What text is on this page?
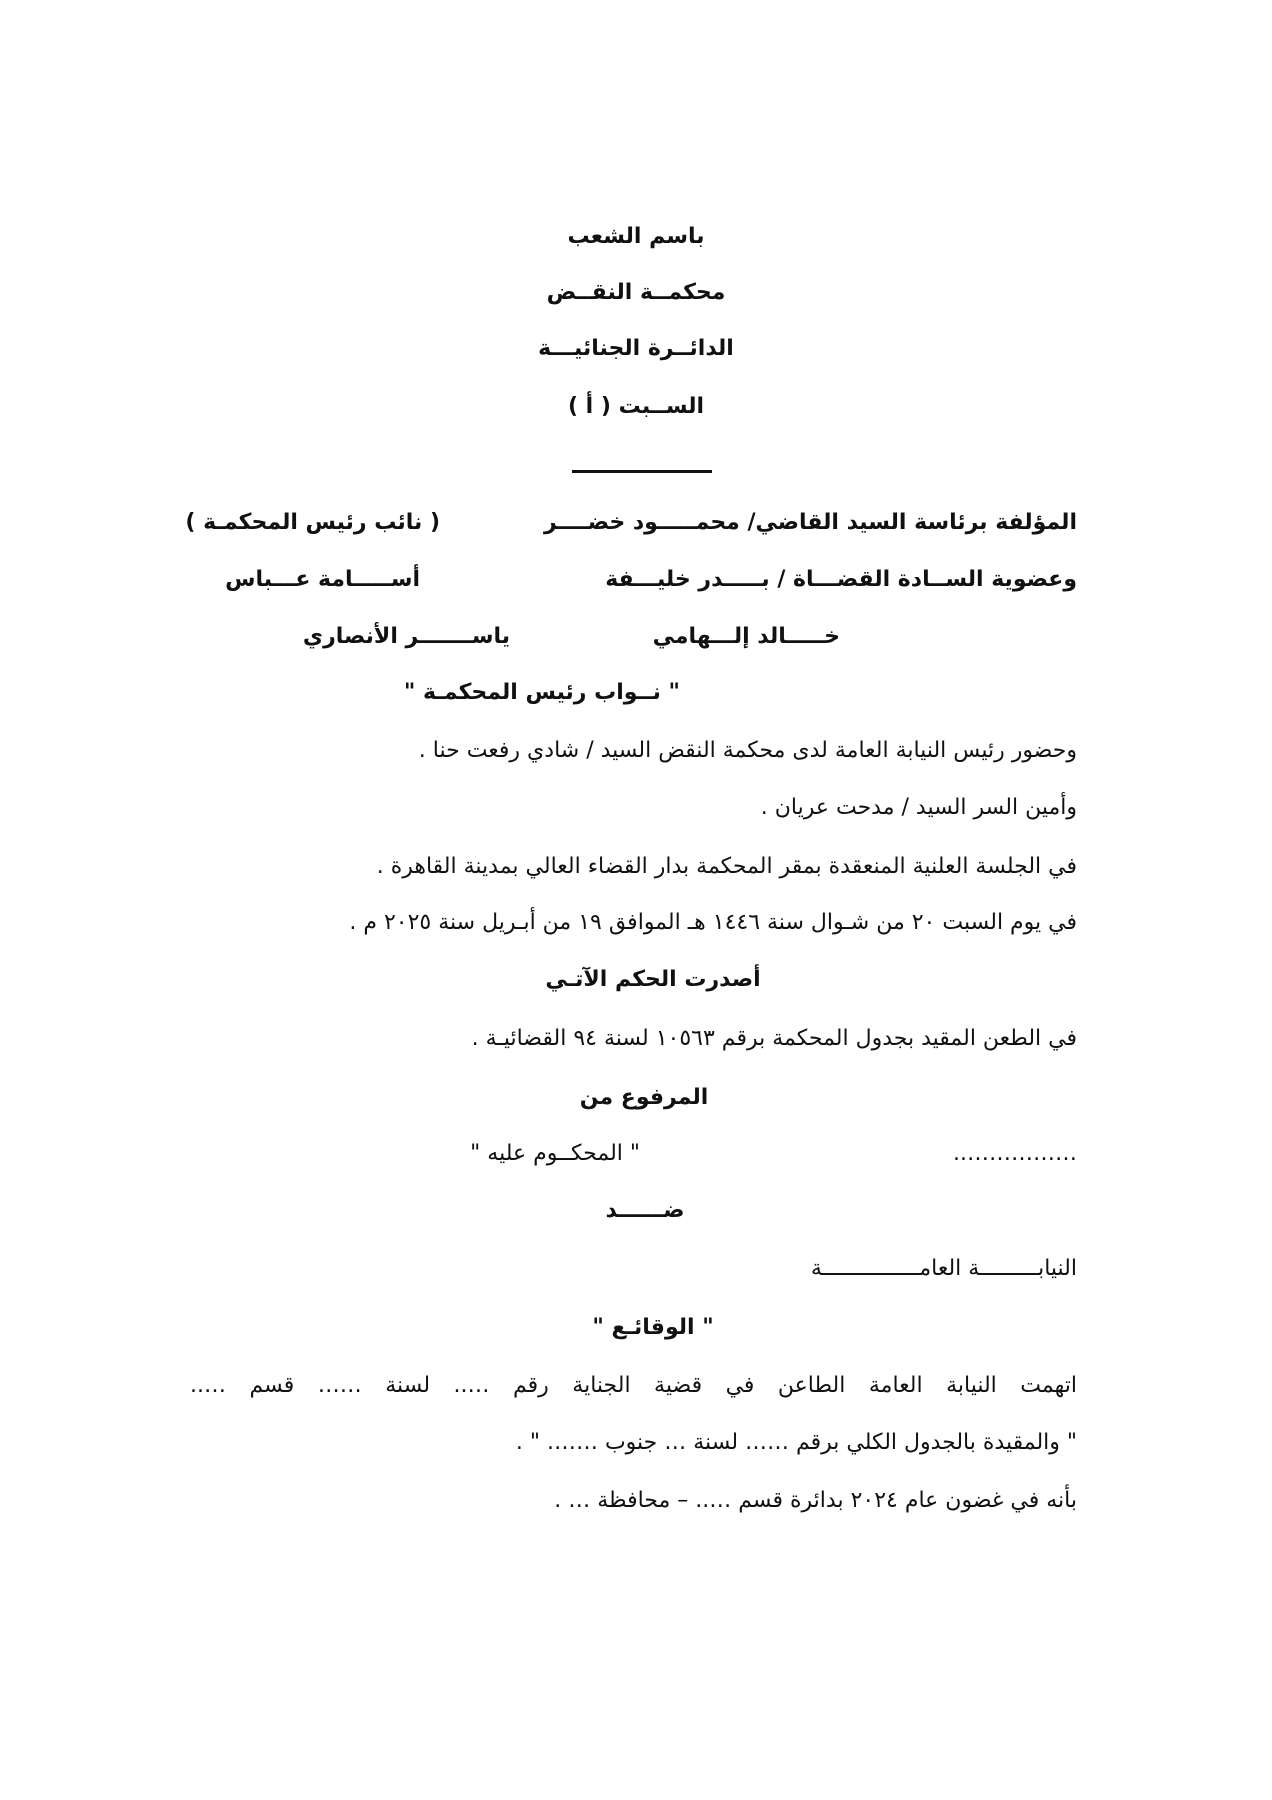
باسم الشعب
محكمــة النقــض
الدائــرة الجنائيـــة
الســبت ( أ )
المؤلفة برئاسة السيد القاضي/ محمـــــود خضــــر
( نائب رئيس المحكمـة )
وعضوية الســادة القضـــاة / بـــــدر خليـــفة
أســـــامة عـــباس
خـــــالد إلـــهامي
ياســـــــر الأنصاري
" نــواب رئيس المحكمـة "
وحضور رئيس النيابة العامة لدى محكمة النقض السيد / شادي رفعت حنا .
وأمين السر السيد / مدحت عريان .
في الجلسة العلنية المنعقدة بمقر المحكمة بدار القضاء العالي بمدينة القاهرة .
في يوم السبت ٢٠ من شـوال سنة ١٤٤٦ هـ الموافق ١٩ من أبـريل سنة ٢٠٢٥ م .
أصدرت الحكم الآتـي
في الطعن المقيد بجدول المحكمة برقم ١٠٥٦٣ لسنة ٩٤ القضائيـة .
المرفوع من
……………..
" المحكــوم عليه "
ضــــــد
النيابـــــــــة العامـــــــــــــــة
" الوقائـع "
اتهمت النيابة العامة الطاعن في قضية الجناية رقم ….. لسنة …… قسم …..
" والمقيدة بالجدول الكلي برقم …… لسنة … جنوب ……. " .
بأنه في غضون عام ٢٠٢٤ بدائرة قسم ….. – محافظة … .
